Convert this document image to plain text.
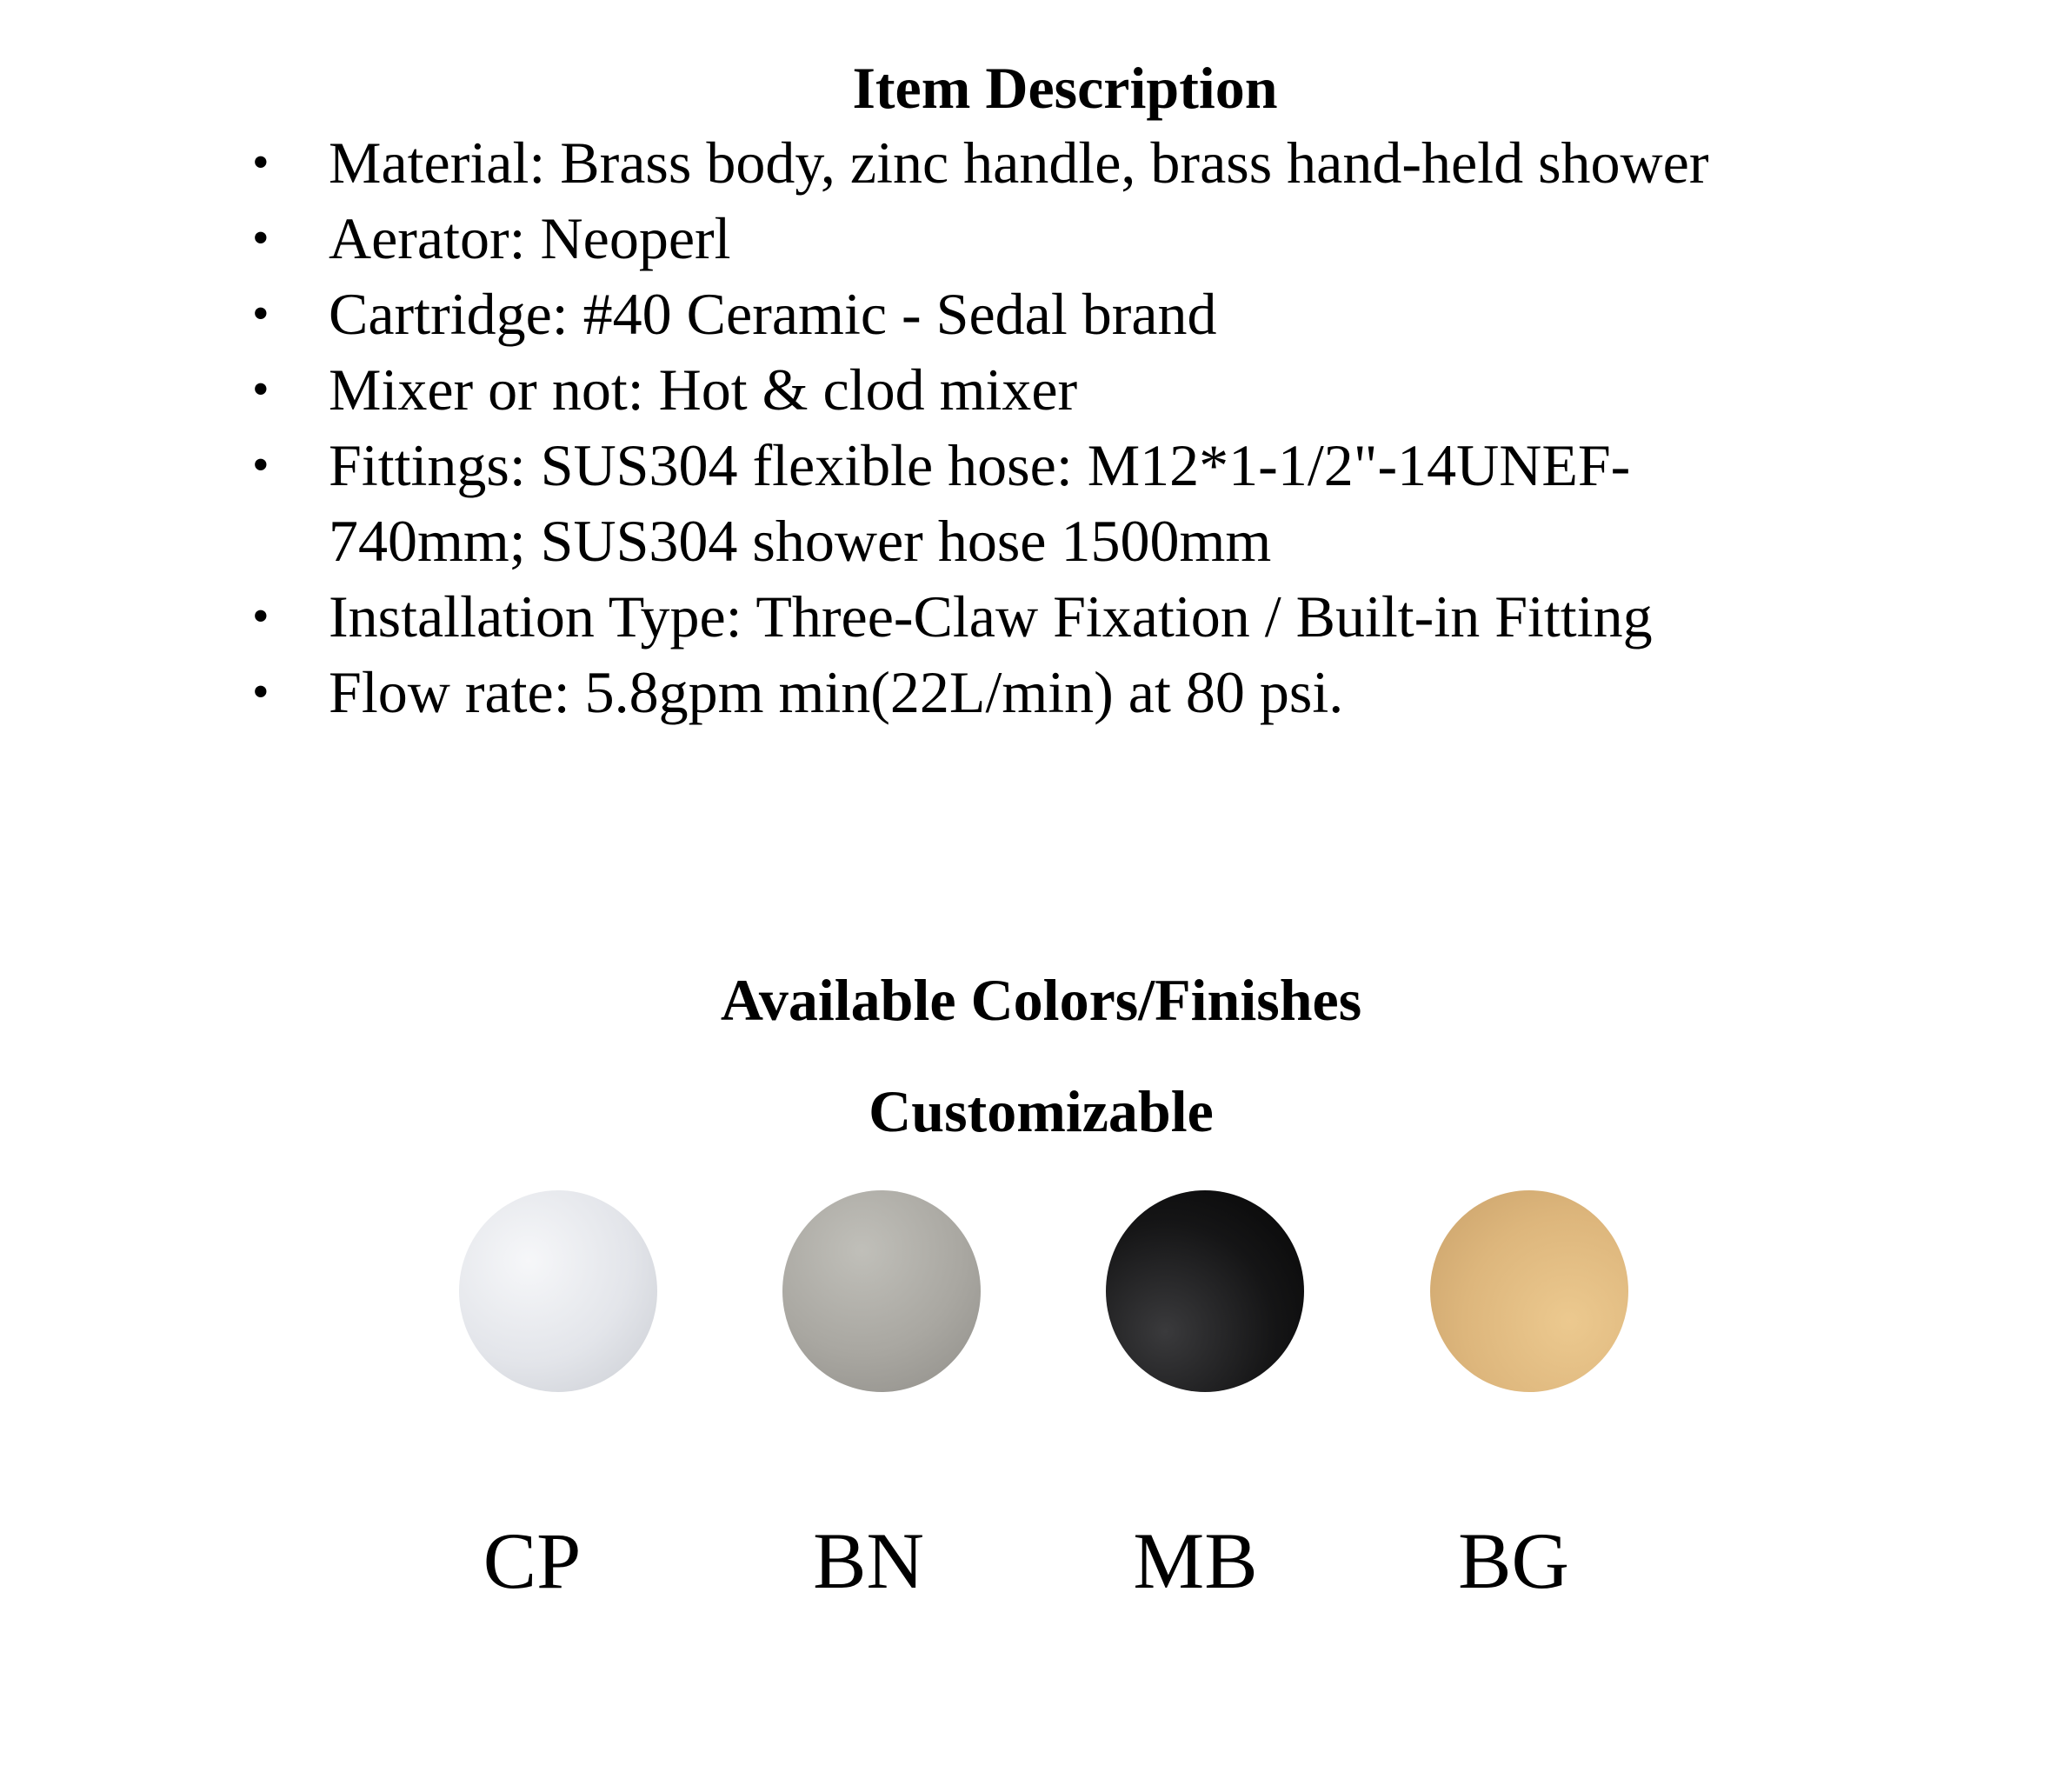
Item Description
• Material: Brass body, zinc handle, brass hand-held shower
• Aerator: Neoperl
• Cartridge: #40 Ceramic - Sedal brand
• Mixer or not: Hot & clod mixer
• Fittings: SUS304 flexible hose: M12*1-1/2"-14UNEF-
740mm; SUS304 shower hose 1500mm
• Installation Type: Three-Claw Fixation / Built-in Fitting
• Flow rate: 5.8gpm min(22L/min) at 80 psi.
Available Colors/Finishes
Customizable
CP	BN	MB	BG
